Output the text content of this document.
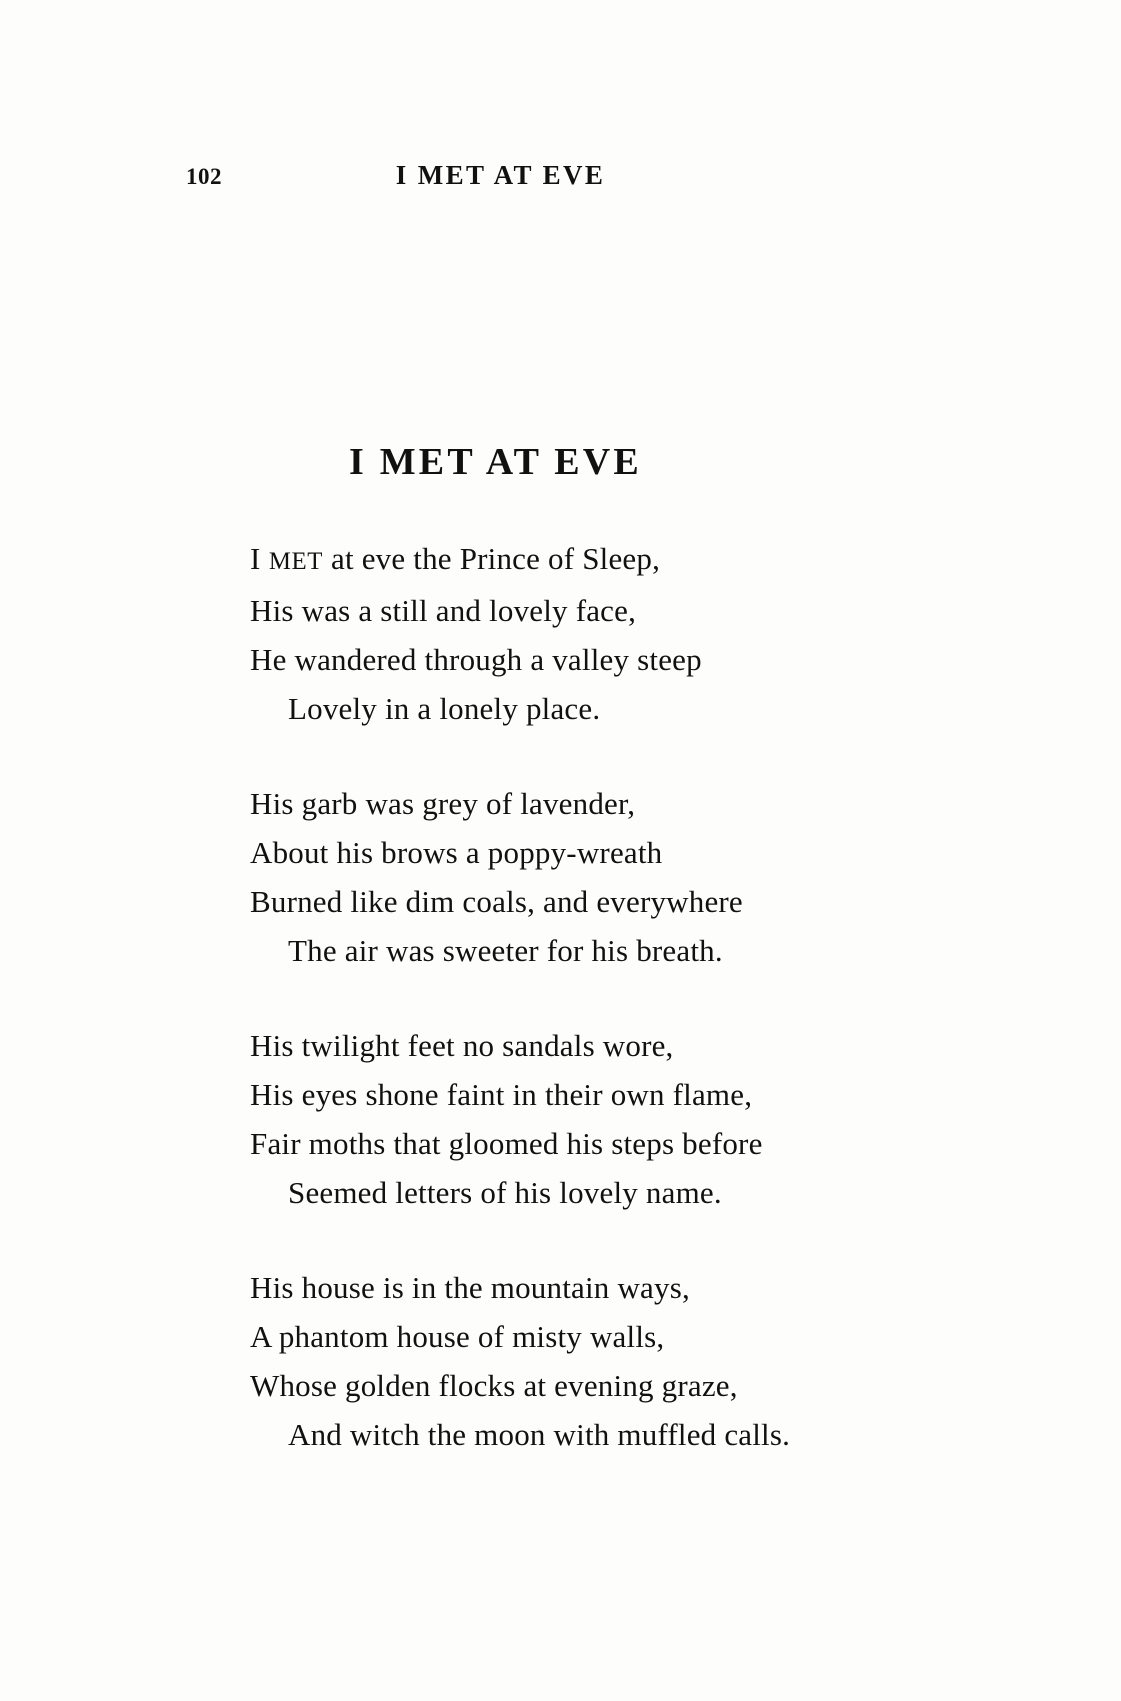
102	I MET AT EVE
I MET AT EVE
I MET at eve the Prince of Sleep,
His was a still and lovely face,
He wandered through a valley steep
Lovely in a lonely place.
His garb was grey of lavender,
About his brows a poppy-wreath
Burned like dim coals, and everywhere
The air was sweeter for his breath.
His twilight feet no sandals wore,
His eyes shone faint in their own flame,
Fair moths that gloomed his steps before
Seemed letters of his lovely name.
His house is in the mountain ways,
A phantom house of misty walls,
Whose golden flocks at evening graze,
And witch the moon with muffled calls.
